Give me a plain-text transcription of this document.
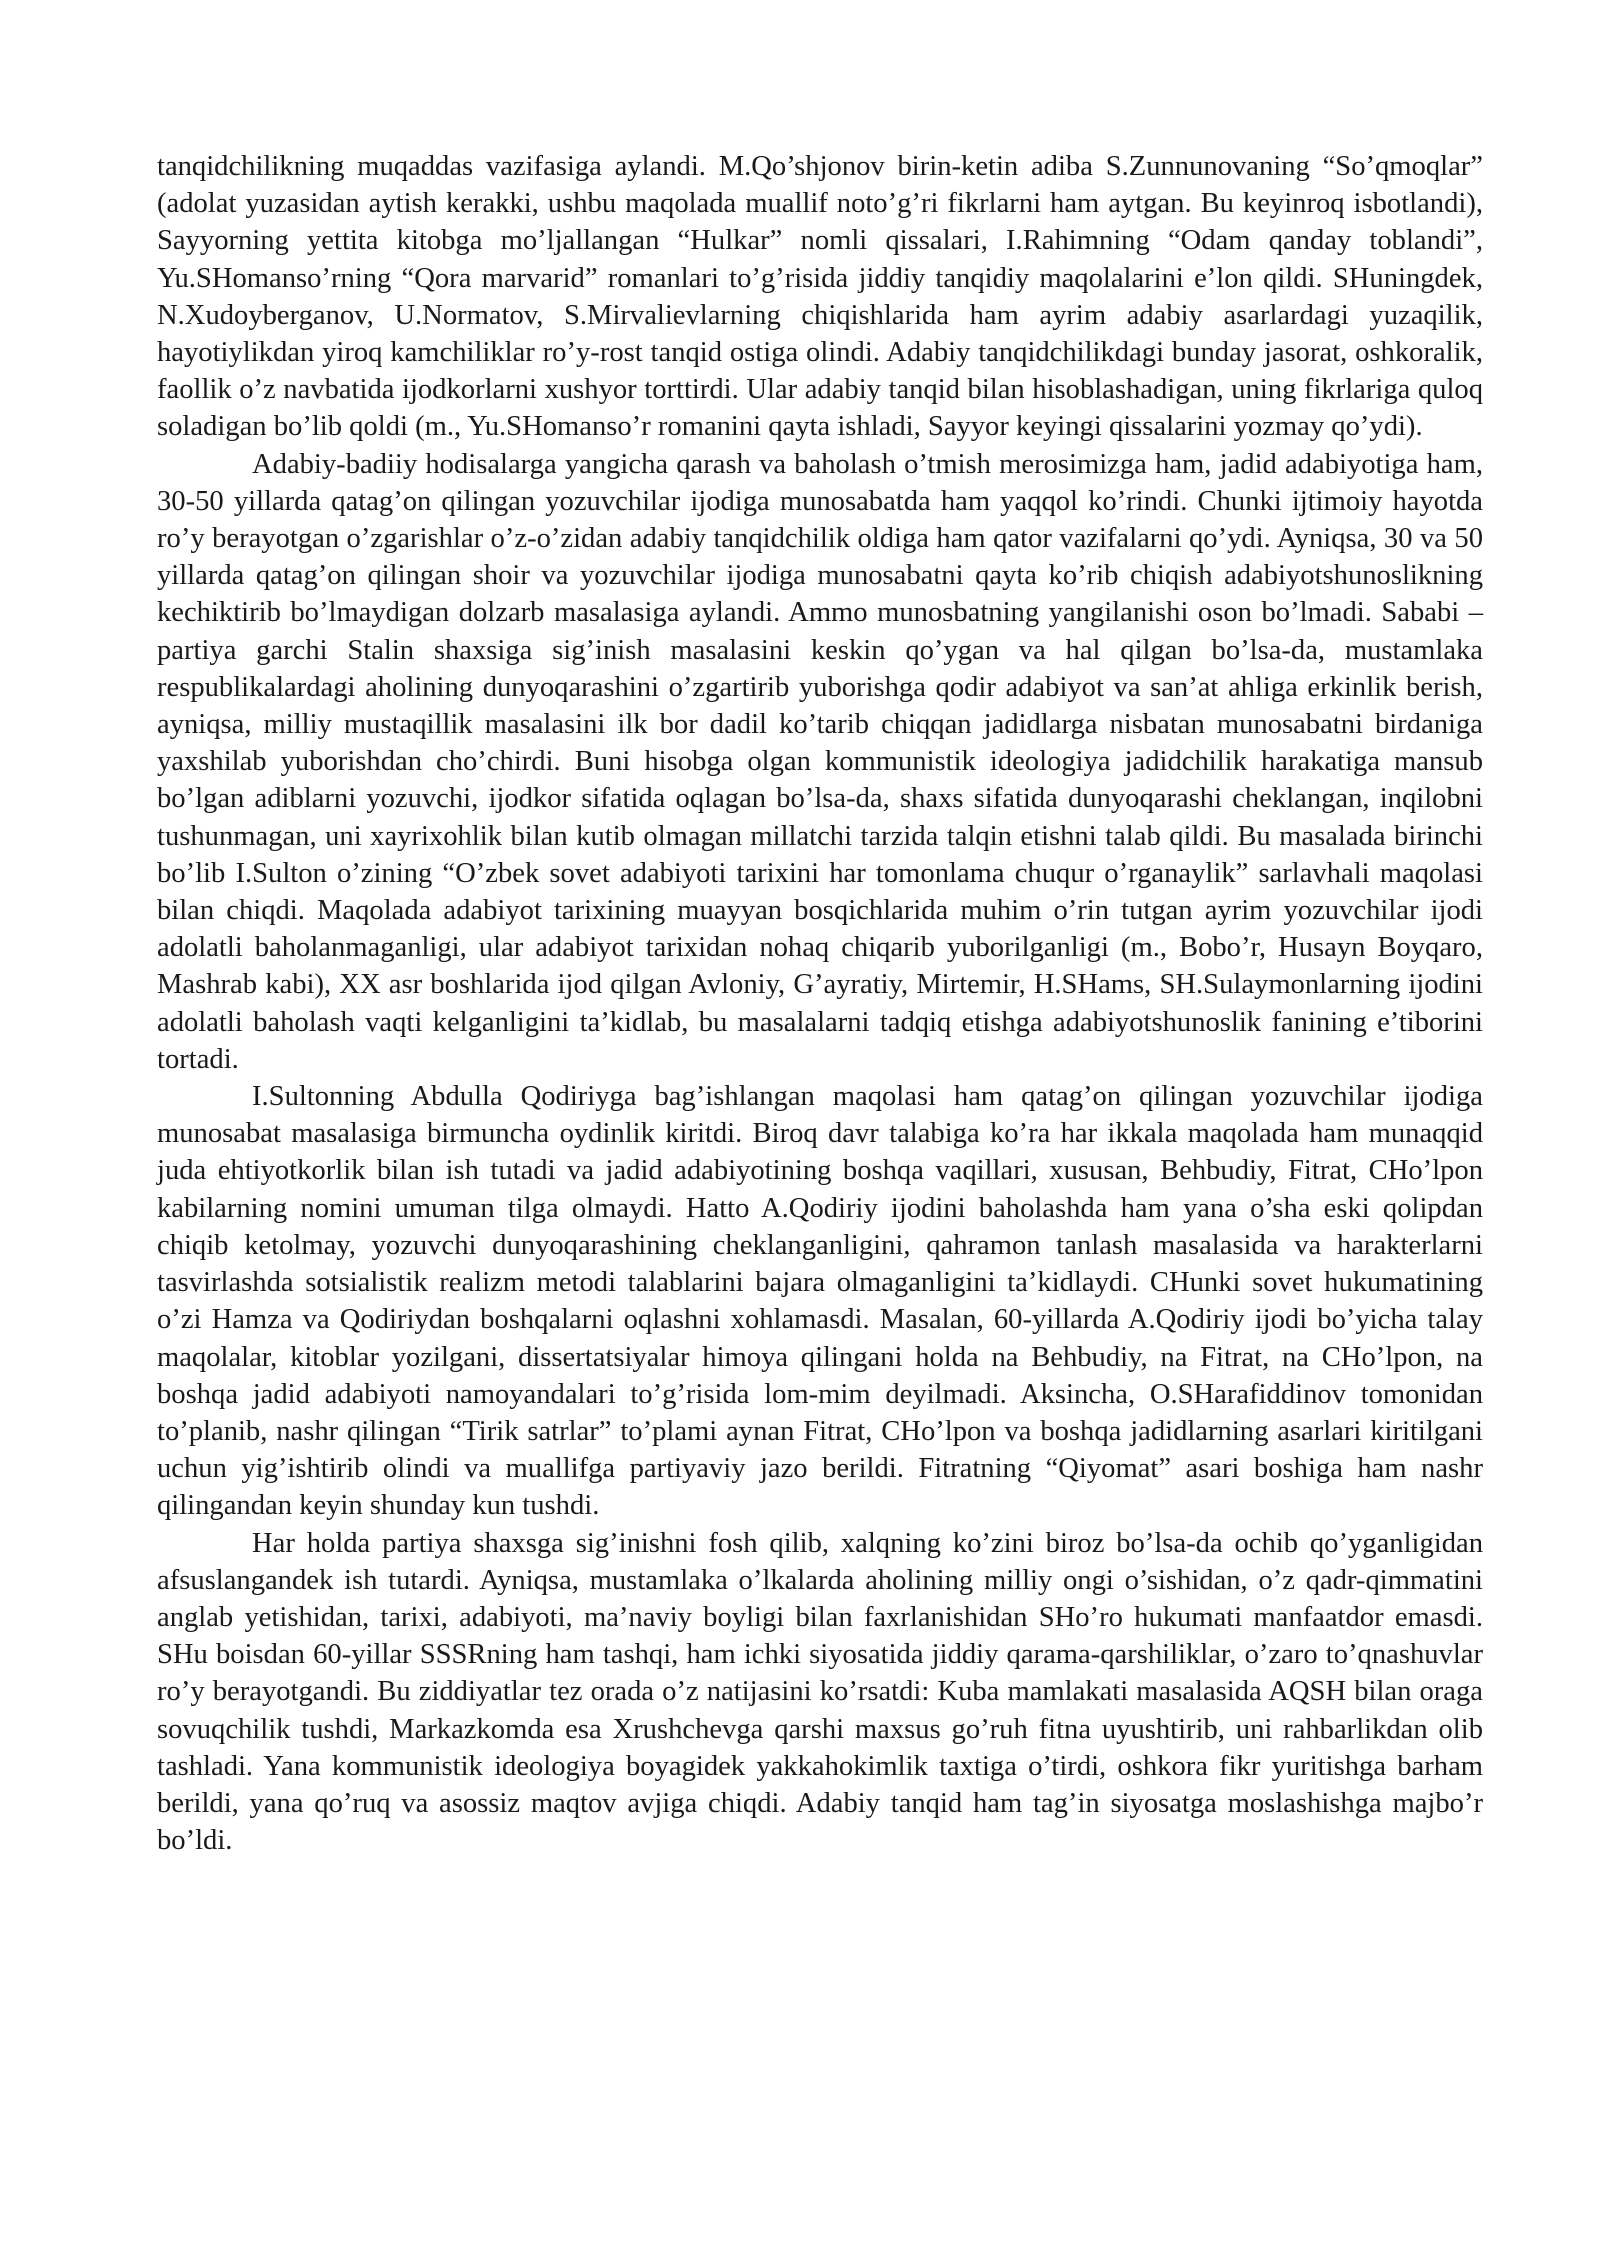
tanqidchilikning muqaddas vazifasiga aylandi. M.Qo’shjonov birin-ketin adiba S.Zunnunovaning “So’qmoqlar” (adolat yuzasidan aytish kerakki, ushbu maqolada muallif noto’g’ri fikrlarni ham aytgan. Bu keyinroq isbotlandi), Sayyorning yettita kitobga mo’ljallangan “Hulkar” nomli qissalari, I.Rahimning “Odam qanday toblandi”, Yu.SHomanso’rning “Qora marvarid” romanlari to’g’risida jiddiy tanqidiy maqolalarini e’lon qildi. SHuningdek, N.Xudoyberganov, U.Normatov, S.Mirvalievlarning chiqishlarida ham ayrim adabiy asarlardagi yuzaqilik, hayotiylikdan yiroq kamchiliklar ro’y-rost tanqid ostiga olindi. Adabiy tanqidchilikdagi bunday jasorat, oshkoralik, faollik o’z navbatida ijodkorlarni xushyor torttirdi. Ular adabiy tanqid bilan hisoblashadigan, uning fikrlariga quloq soladigan bo’lib qoldi (m., Yu.SHomanso’r romanini qayta ishladi, Sayyor keyingi qissalarini yozmay qo’ydi).

Adabiy-badiiy hodisalarga yangicha qarash va baholash o’tmish merosimizga ham, jadid adabiyotiga ham, 30-50 yillarda qatag’on qilingan yozuvchilar ijodiga munosabatda ham yaqqol ko’rindi. Chunki ijtimoiy hayotda ro’y berayotgan o’zgarishlar o’z-o’zidan adabiy tanqidchilik oldiga ham qator vazifalarni qo’ydi. Ayniqsa, 30 va 50 yillarda qatag’on qilingan shoir va yozuvchilar ijodiga munosabatni qayta ko’rib chiqish adabiyotshunoslikning kechiktirib bo’lmaydigan dolzarb masalasiga aylandi. Ammo munosbatning yangilanishi oson bo’lmadi. Sababi – partiya garchi Stalin shaxsiga sig’inish masalasini keskin qo’ygan va hal qilgan bo’lsa-da, mustamlaka respublikalardagi aholining dunyoqarashini o’zgartirib yuborishga qodir adabiyot va san’at ahliga erkinlik berish, ayniqsa, milliy mustaqillik masalasini ilk bor dadil ko’tarib chiqqan jadidlarga nisbatan munosabatni birdaniga yaxshilab yuborishdan cho’chirdi. Buni hisobga olgan kommunistik ideologiya jadidchilik harakatiga mansub bo’lgan adiblarni yozuvchi, ijodkor sifatida oqlagan bo’lsa-da, shaxs sifatida dunyoqarashi cheklangan, inqilobni tushunmagan, uni xayrixohlik bilan kutib olmagan millatchi tarzida talqin etishni talab qildi. Bu masalada birinchi bo’lib I.Sulton o’zining “O’zbek sovet adabiyoti tarixini har tomonlama chuqur o’rganaylik” sarlavhali maqolasi bilan chiqdi. Maqolada adabiyot tarixining muayyan bosqichlarida muhim o’rin tutgan ayrim yozuvchilar ijodi adolatli baholanmaganligi, ular adabiyot tarixidan nohaq chiqarib yuborilganligi (m., Bobo’r, Husayn Boyqaro, Mashrab kabi), XX asr boshlarida ijod qilgan Avloniy, G’ayratiy, Mirtemir, H.SHams, SH.Sulaymonlarning ijodini adolatli baholash vaqti kelganligini ta’kidlab, bu masalalarni tadqiq etishga adabiyotshunoslik fanining e’tiborini tortadi.

I.Sultonning Abdulla Qodiriyga bag’ishlangan maqolasi ham qatag’on qilingan yozuvchilar ijodiga munosabat masalasiga birmuncha oydinlik kiritdi. Biroq davr talabiga ko’ra har ikkala maqolada ham munaqqid juda ehtiyotkorlik bilan ish tutadi va jadid adabiyotining boshqa vaqillari, xususan, Behbudiy, Fitrat, CHo’lpon kabilarning nomini umuman tilga olmaydi. Hatto A.Qodiriy ijodini baholashda ham yana o’sha eski qolipdan chiqib ketolmay, yozuvchi dunyoqarashining cheklanganligini, qahramon tanlash masalasida va harakterlarni tasvirlashda sotsialistik realizm metodi talablarini bajara olmaganligini ta’kidlaydi. CHunki sovet hukumatining o’zi Hamza va Qodiriydan boshqalarni oqlashni xohlamasdi. Masalan, 60-yillarda A.Qodiriy ijodi bo’yicha talay maqolalar, kitoblar yozilgani, dissertatsiyalar himoya qilingani holda na Behbudiy, na Fitrat, na CHo’lpon, na boshqa jadid adabiyoti namoyandalari to’g’risida lom-mim deyilmadi. Aksincha, O.SHarafiddinov tomonidan to’planib, nashr qilingan “Tirik satrlar” to’plami aynan Fitrat, CHo’lpon va boshqa jadidlarning asarlari kiritilgani uchun yig’ishtirib olindi va muallifga partiyaviy jazo berildi. Fitratning “Qiyomat” asari boshiga ham nashr qilingandan keyin shunday kun tushdi.

Har holda partiya shaxsga sig’inishni fosh qilib, xalqning ko’zini biroz bo’lsa-da ochib qo’yganligidan afsuslangandek ish tutardi. Ayniqsa, mustamlaka o’lkalarda aholining milliy ongi o’sishidan, o’z qadr-qimmatini anglab yetishidan, tarixi, adabiyoti, ma’naviy boyligi bilan faxrlanishidan SHo’ro hukumati manfaatdor emasdi. SHu boisdan 60-yillar SSSRning ham tashqi, ham ichki siyosatida jiddiy qarama-qarshiliklar, o’zaro to’qnashuvlar ro’y berayotgandi. Bu ziddiyatlar tez orada o’z natijasini ko’rsatdi: Kuba mamlakati masalasida AQSH bilan oraga sovuqchilik tushdi, Markazkomda esa Xrushchevga qarshi maxsus go’ruh fitna uyushtirib, uni rahbarlikdan olib tashladi. Yana kommunistik ideologiya boyagidek yakkahokimlik taxtiga o’tirdi, oshkora fikr yuritishga barham berildi, yana qo’ruq va asossiz maqtov avjiga chiqdi. Adabiy tanqid ham tag’in siyosatga moslashishga majbo’r bo’ldi.
